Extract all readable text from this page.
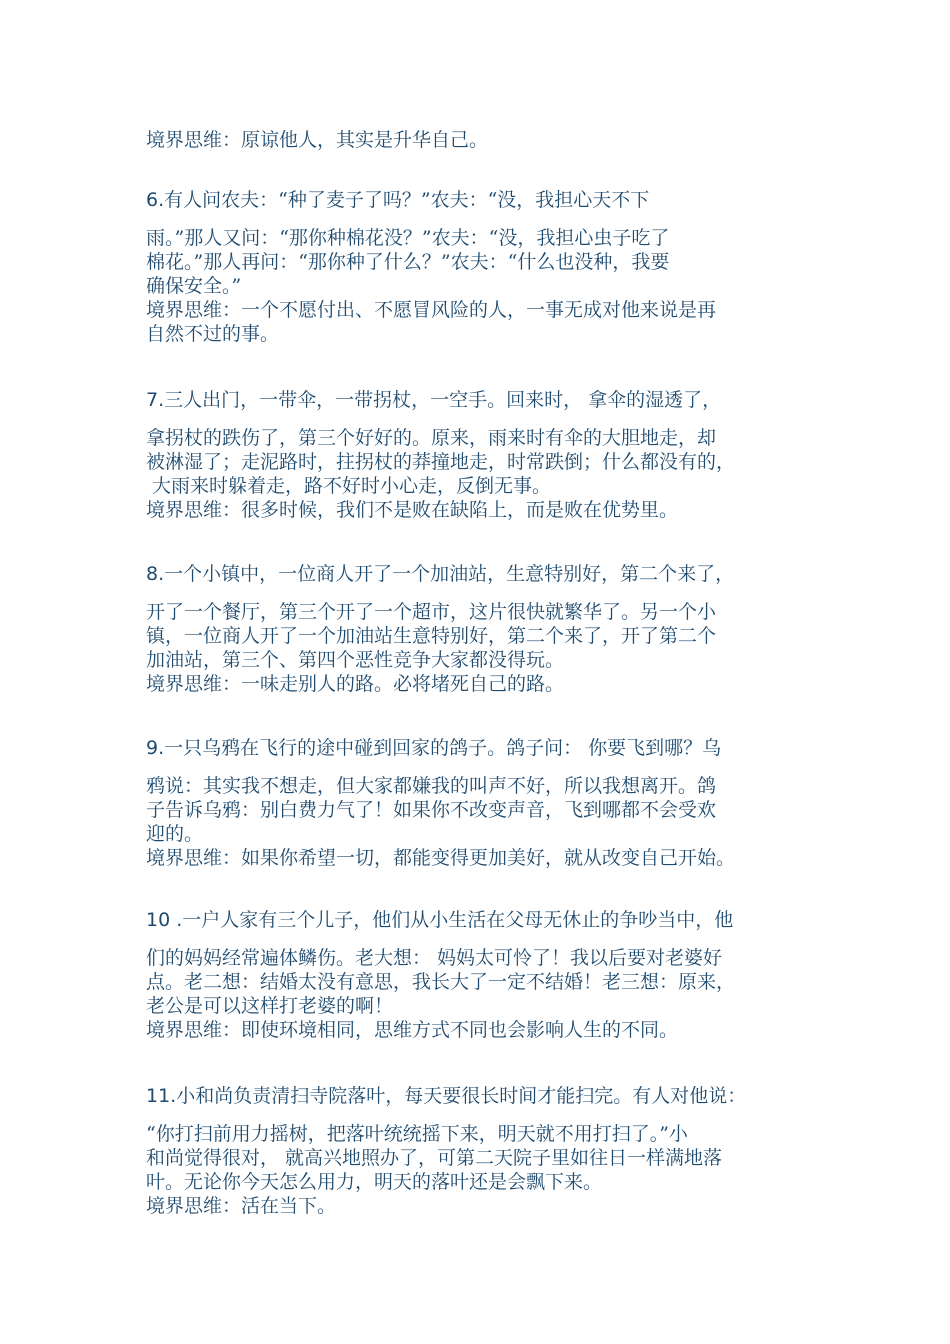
境界思维：原谅他人，其实是升华自己。
6.有人问农夫：“种了麦子了吗？”农夫：“没，我担心天不下
雨。”那人又问：“那你种棉花没？”农夫：“没，我担心虫子吃了
棉花。”那人再问：“那你种了什么？”农夫：“什么也没种，我要
确保安全。”
境界思维：一个不愿付出、不愿冒风险的人，一事无成对他来说是再
自然不过的事。
7.三人出门，一带伞，一带拐杖，一空手。回来时， 拿伞的湿透了，
拿拐杖的跌伤了，第三个好好的。原来，雨来时有伞的大胆地走，却
被淋湿了；走泥路时，拄拐杖的莽撞地走，时常跌倒；什么都没有的，
大雨来时躲着走，路不好时小心走，反倒无事。
境界思维：很多时候，我们不是败在缺陷上，而是败在优势里。
8.一个小镇中，一位商人开了一个加油站，生意特别好，第二个来了，
开了一个餐厅，第三个开了一个超市，这片很快就繁华了。另一个小
镇，一位商人开了一个加油站生意特别好，第二个来了，开了第二个
加油站，第三个、第四个恶性竞争大家都没得玩。
境界思维：一味走别人的路。必将堵死自己的路。
9.一只乌鸦在飞行的途中碰到回家的鸽子。鸽子问： 你要飞到哪？乌
鸦说：其实我不想走，但大家都嫌我的叫声不好，所以我想离开。鸽
子告诉乌鸦：别白费力气了！如果你不改变声音，飞到哪都不会受欢
迎的。
境界思维：如果你希望一切，都能变得更加美好，就从改变自己开始。
10 .一户人家有三个儿子，他们从小生活在父母无休止的争吵当中，他
们的妈妈经常遍体鳞伤。老大想： 妈妈太可怜了！我以后要对老婆好
点。老二想：结婚太没有意思，我长大了一定不结婚！老三想：原来，
老公是可以这样打老婆的啊！
境界思维：即使环境相同，思维方式不同也会影响人生的不同。
11.小和尚负责清扫寺院落叶，每天要很长时间才能扫完。有人对他说：
“你打扫前用力摇树，把落叶统统摇下来，明天就不用打扫了。”小
和尚觉得很对， 就高兴地照办了，可第二天院子里如往日一样满地落
叶。无论你今天怎么用力，明天的落叶还是会飘下来。
境界思维：活在当下。
